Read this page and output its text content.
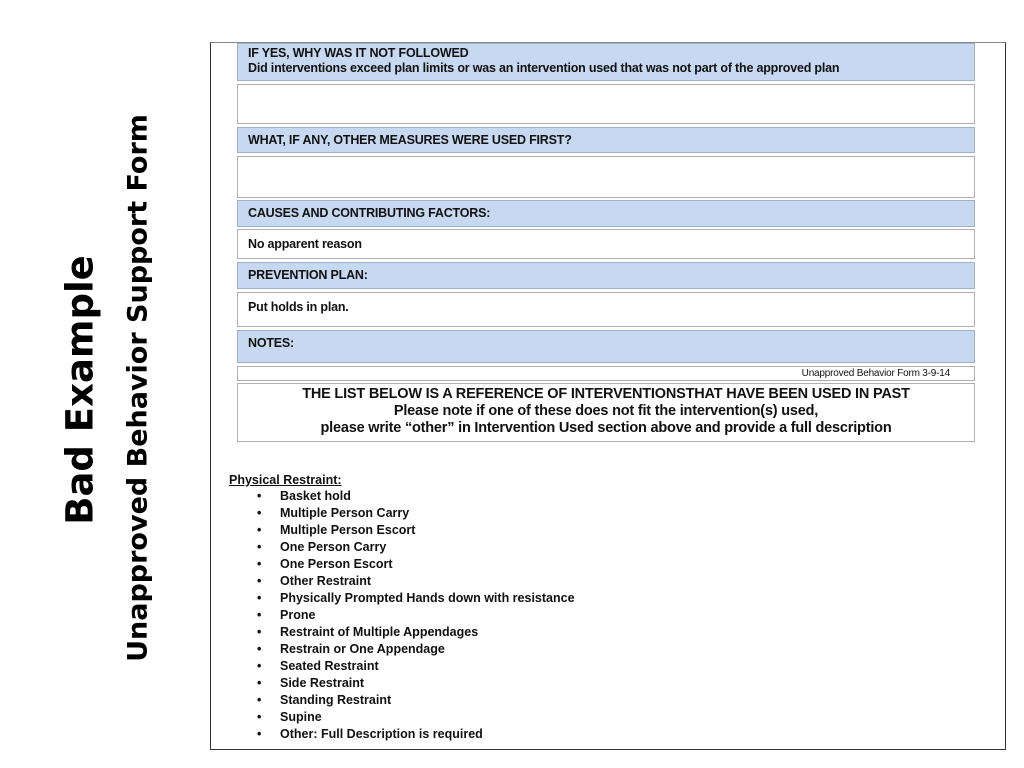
Bad Example Unapproved Behavior Support Form
IF YES, WHY WAS IT NOT FOLLOWED
Did interventions exceed plan limits or was an intervention used that was not part of the approved plan
WHAT, IF ANY, OTHER MEASURES WERE USED FIRST?
CAUSES AND CONTRIBUTING FACTORS:
No apparent reason
PREVENTION PLAN:
Put holds in plan.
NOTES:
Unapproved Behavior Form 3-9-14
THE LIST BELOW IS A REFERENCE OF INTERVENTIONSTHAT HAVE BEEN USED IN PAST
Please note if one of these does not fit the intervention(s) used,
please write “other” in Intervention Used section above and provide a full description
Physical Restraint:
• Basket hold
• Multiple Person Carry
• Multiple Person Escort
• One Person Carry
• One Person Escort
• Other Restraint
• Physically Prompted Hands down with resistance
• Prone
• Restraint of Multiple Appendages
• Restrain or One Appendage
• Seated Restraint
• Side Restraint
• Standing Restraint
• Supine
• Other: Full Description is required
